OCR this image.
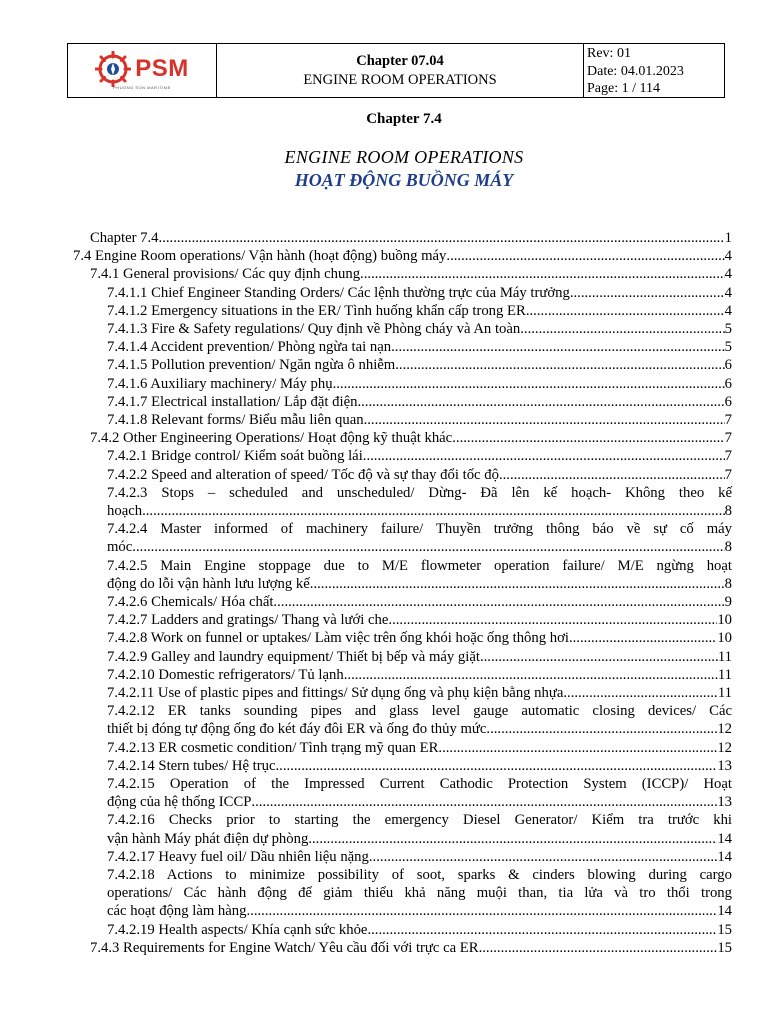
PSM
PHUONG SON MARITIME
Chapter 07.04
ENGINE ROOM OPERATIONS
Rev: 01
Date: 04.01.2023
Page: 1 / 114
Chapter 7.4
ENGINE ROOM OPERATIONS
HOẠT ĐỘNG BUỒNG MÁY
Chapter 7.4 .....	1
7.4 Engine Room operations/ Vận hành (hoạt động) buồng máy .....	4
7.4.1 General provisions/ Các quy định chung .....	4
7.4.1.1 Chief Engineer Standing Orders/ Các lệnh thường trực của Máy trưởng .....	4
7.4.1.2 Emergency situations in the ER/ Tình huống khẩn cấp trong ER .....	4
7.4.1.3 Fire & Safety regulations/ Quy định về Phòng cháy và An toàn .....	5
7.4.1.4 Accident prevention/ Phòng ngừa tai nạn .....	5
7.4.1.5 Pollution prevention/ Ngăn ngừa ô nhiễm .....	6
7.4.1.6 Auxiliary machinery/ Máy phụ .....	6
7.4.1.7 Electrical installation/ Lắp đặt điện .....	6
7.4.1.8 Relevant forms/ Biểu mẫu liên quan .....	7
7.4.2 Other Engineering Operations/ Hoạt động kỹ thuật khác .....	7
7.4.2.1 Bridge control/ Kiểm soát buồng lái .....	7
7.4.2.2 Speed and alteration of speed/ Tốc độ và sự thay đổi tốc độ .....	7
7.4.2.3 Stops – scheduled and unscheduled/ Dừng- Đã lên kế hoạch- Không theo kế
hoạch .....	8
7.4.2.4 Master informed of machinery failure/ Thuyền trưởng thông báo về sự cố máy
móc .....	8
7.4.2.5 Main Engine stoppage due to M/E flowmeter operation failure/ M/E ngừng hoạt
động do lỗi vận hành lưu lượng kế .....	8
7.4.2.6 Chemicals/ Hóa chất .....	9
7.4.2.7 Ladders and gratings/ Thang và lưới che .....	10
7.4.2.8 Work on funnel or uptakes/ Làm việc trên ống khói hoặc ống thông hơi .....	10
7.4.2.9 Galley and laundry equipment/ Thiết bị bếp và máy giặt .....	11
7.4.2.10 Domestic refrigerators/ Tủ lạnh .....	11
7.4.2.11 Use of plastic pipes and fittings/ Sử dụng ống và phụ kiện bằng nhựa .....	11
7.4.2.12 ER tanks sounding pipes and glass level gauge automatic closing devices/ Các
thiết bị đóng tự động ống đo két đáy đôi ER và ống đo thủy mức .....	12
7.4.2.13 ER cosmetic condition/ Tình trạng mỹ quan ER .....	12
7.4.2.14 Stern tubes/ Hệ trục .....	13
7.4.2.15 Operation of the Impressed Current Cathodic Protection System (ICCP)/ Hoạt
động của hệ thống ICCP .....	13
7.4.2.16 Checks prior to starting the emergency Diesel Generator/ Kiểm tra trước khi
vận hành Máy phát điện dự phòng .....	14
7.4.2.17 Heavy fuel oil/ Dầu nhiên liệu nặng .....	14
7.4.2.18 Actions to minimize possibility of soot, sparks & cinders blowing during cargo
operations/ Các hành động để giảm thiểu khả năng muội than, tia lửa và tro thổi trong
các hoạt động làm hàng .....	14
7.4.2.19 Health aspects/ Khía cạnh sức khỏe .....	15
7.4.3 Requirements for Engine Watch/ Yêu cầu đối với trực ca ER .....	15
